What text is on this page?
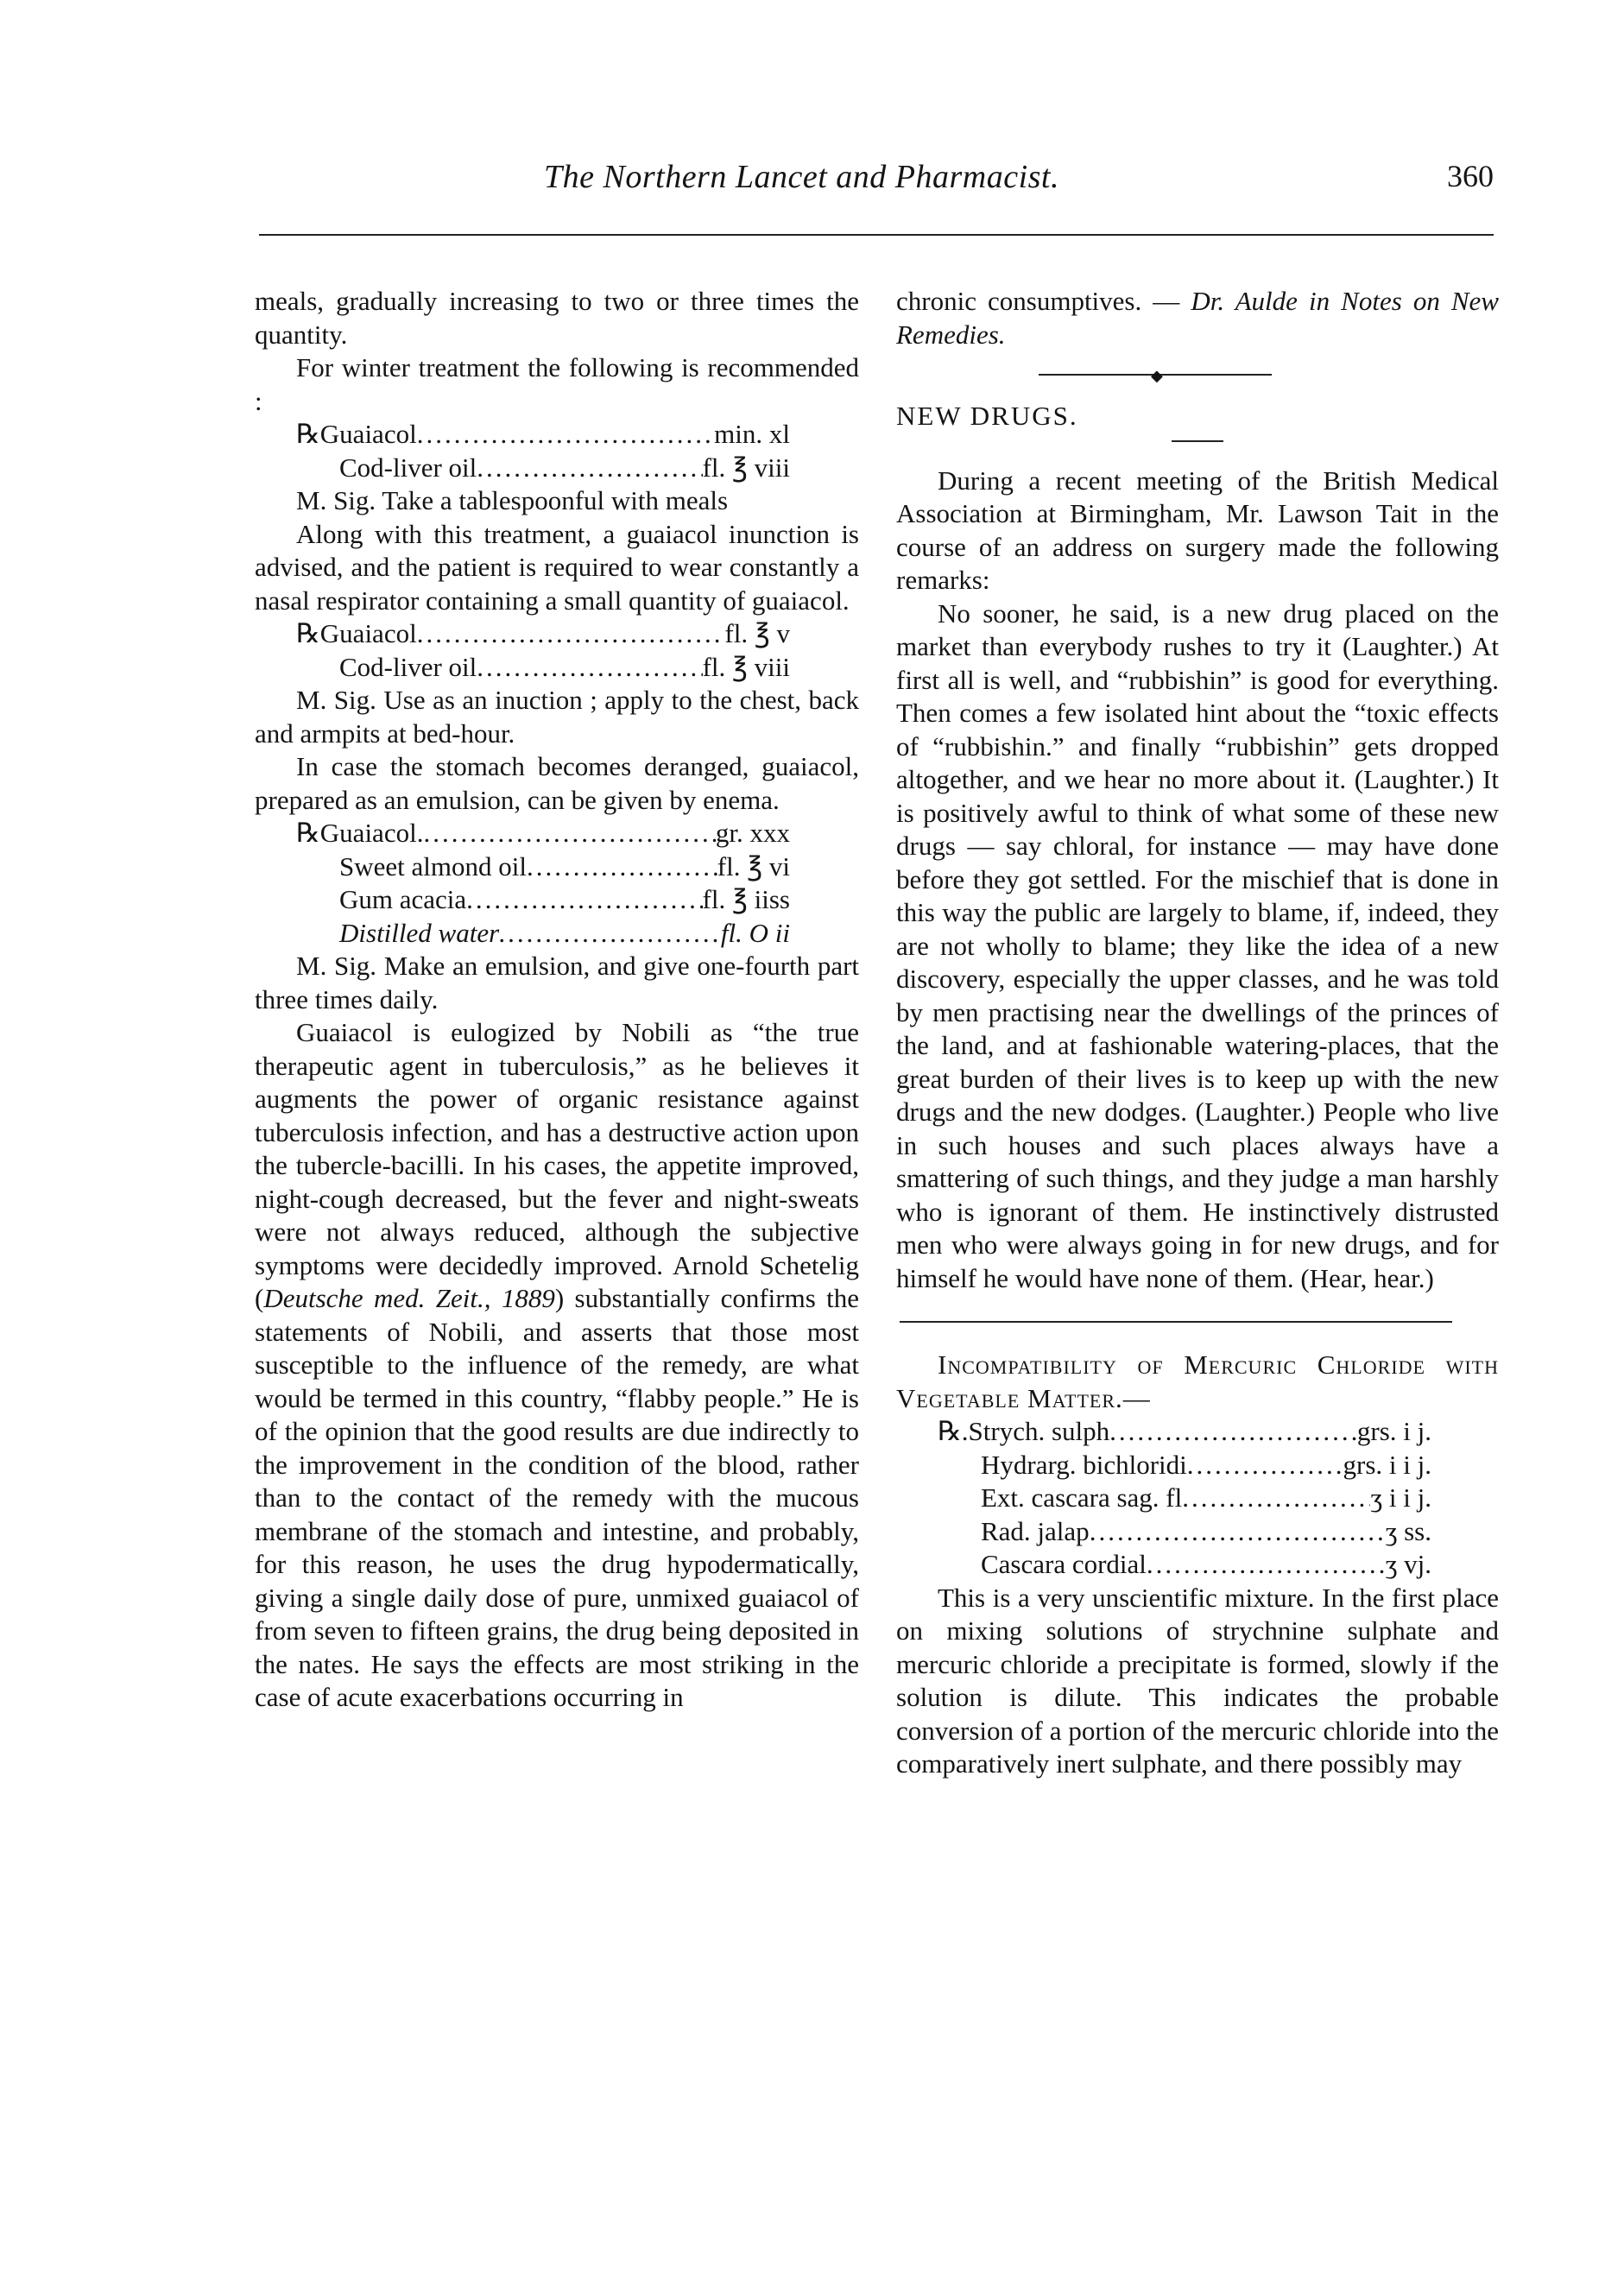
The Northern Lancet and Pharmacist.	360

meals, gradually increasing to two or three times the quantity.

For winter treatment the following is recommended :

℞ Guaiacol .....	min. xl
Cod-liver oil .....	fl. ℥ viii

M. Sig. Take a tablespoonful with meals

Along with this treatment, a guaiacol inunction is advised, and the patient is required to wear constantly a nasal respirator containing a small quantity of guaiacol.

℞ Guaiacol .....	fl. ℥ v
Cod-liver oil .....	fl. ℥ viii

M. Sig. Use as an inuction ; apply to the chest, back and armpits at bed-hour.

In case the stomach becomes deranged, guaiacol, prepared as an emulsion, can be given by enema.

℞ Guaiacol. .....	gr. xxx
Sweet almond oil .....	fl. ℥ vi
Gum acacia .....	fl. ℥ iiss
Distilled water .....	fl. O ii

M. Sig. Make an emulsion, and give one-fourth part three times daily.

Guaiacol is eulogized by Nobili as “the true therapeutic agent in tuberculosis,” as he believes it augments the power of organic resistance against tuberculosis infection, and has a destructive action upon the tubercle-bacilli. In his cases, the appetite improved, night-cough decreased, but the fever and night-sweats were not always reduced, although the subjective symptoms were decidedly improved. Arnold Schetelig (Deutsche med. Zeit., 1889) substantially confirms the statements of Nobili, and asserts that those most susceptible to the influence of the remedy, are what would be termed in this country, “flabby people.” He is of the opinion that the good results are due indirectly to the improvement in the condition of the blood, rather than to the contact of the remedy with the mucous membrane of the stomach and intestine, and probably, for this reason, he uses the drug hypodermatically, giving a single daily dose of pure, unmixed guaiacol of from seven to fifteen grains, the drug being deposited in the nates. He says the effects are most striking in the case of acute exacerbations occurring in

chronic consumptives. — Dr. Aulde in Notes on New Remedies.

◆

NEW DRUGS.

During a recent meeting of the British Medical Association at Birmingham, Mr. Lawson Tait in the course of an address on surgery made the following remarks:

No sooner, he said, is a new drug placed on the market than everybody rushes to try it (Laughter.) At first all is well, and “rubbishin” is good for everything. Then comes a few isolated hint about the “toxic effects of “rubbishin.” and finally “rubbishin” gets dropped altogether, and we hear no more about it. (Laughter.) It is positively awful to think of what some of these new drugs — say chloral, for instance — may have done before they got settled. For the mischief that is done in this way the public are largely to blame, if, indeed, they are not wholly to blame; they like the idea of a new discovery, especially the upper classes, and he was told by men practising near the dwellings of the princes of the land, and at fashionable watering-places, that the great burden of their lives is to keep up with the new drugs and the new dodges. (Laughter.) People who live in such houses and such places always have a smattering of such things, and they judge a man harshly who is ignorant of them. He instinctively distrusted men who were always going in for new drugs, and for himself he would have none of them. (Hear, hear.)

Incompatibility of Mercuric Chloride with Vegetable Matter.—

℞. Strych. sulph .....	grs. i j.
Hydrarg. bichloridi .....	grs. i i j.
Ext. cascara sag. fl .....	ʒ i i j.
Rad. jalap .....	ʒ ss.
Cascara cordial .....	ʒ vj.

This is a very unscientific mixture. In the first place on mixing solutions of strychnine sulphate and mercuric chloride a precipitate is formed, slowly if the solution is dilute. This indicates the probable conversion of a portion of the mercuric chloride into the comparatively inert sulphate, and there possibly may
